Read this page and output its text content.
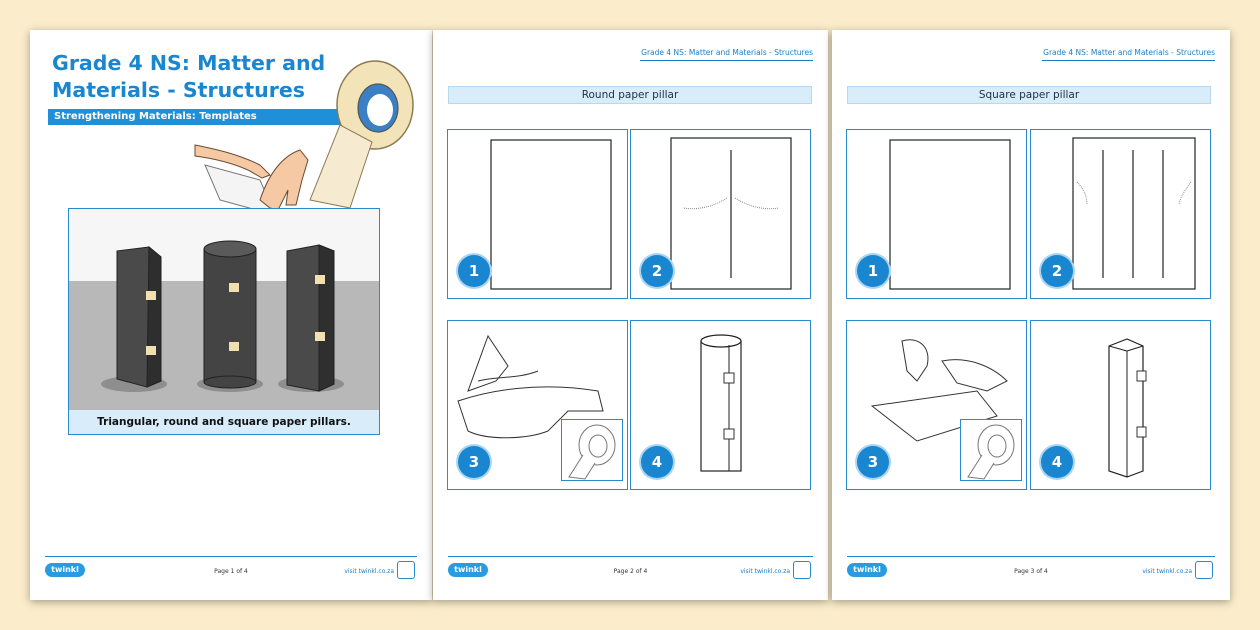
Grade 4 NS: Matter and Materials - Structures
Strengthening Materials: Templates
Triangular, round and square paper pillars.
twinkl	Page 1 of 4	visit twinkl.co.za
Grade 4 NS: Matter and Materials - Structures
Round paper pillar
1	2
3	4
twinkl	Page 2 of 4	visit twinkl.co.za
Grade 4 NS: Matter and Materials - Structures
Square paper pillar
1	2
3	4
twinkl	Page 3 of 4	visit twinkl.co.za
